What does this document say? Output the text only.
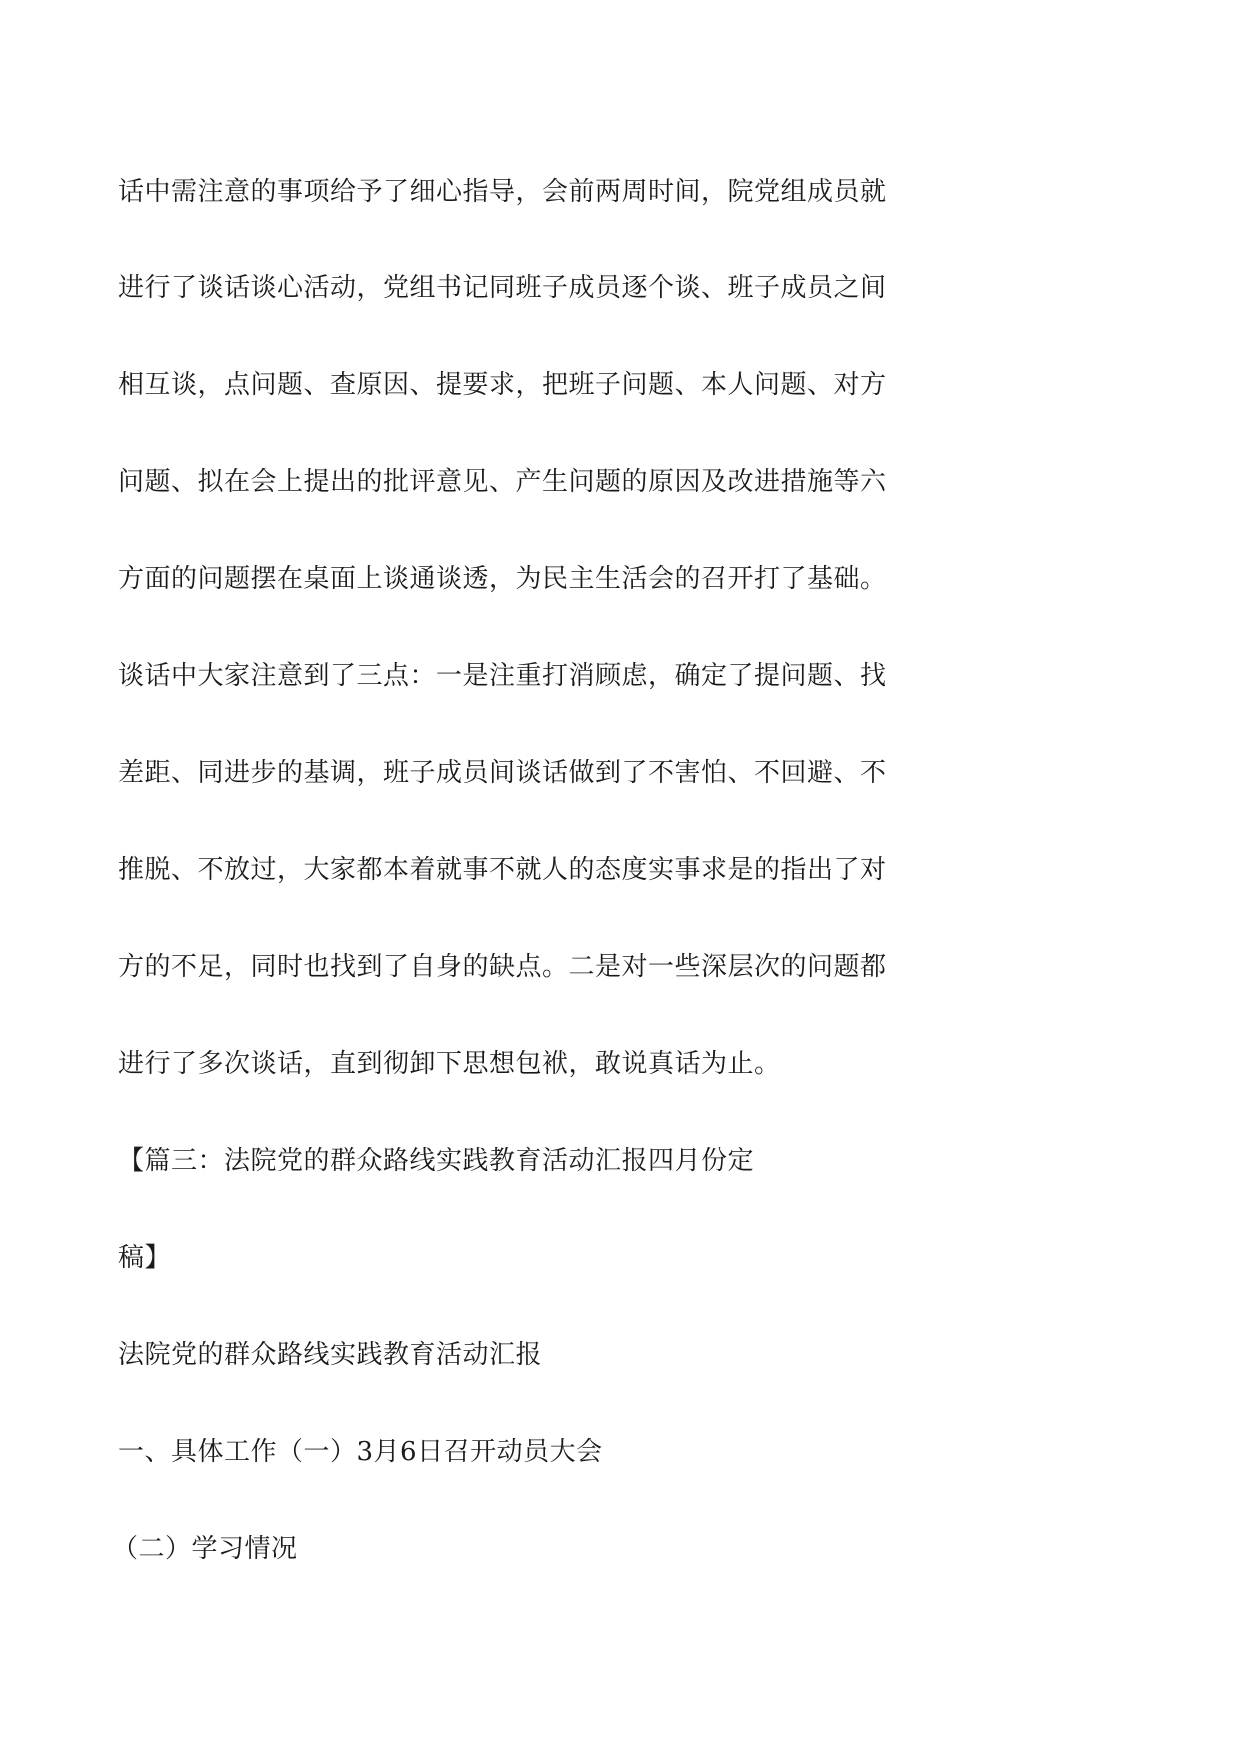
话中需注意的事项给予了细心指导，会前两周时间，院党组成员就
进行了谈话谈心活动，党组书记同班子成员逐个谈、班子成员之间
相互谈，点问题、查原因、提要求，把班子问题、本人问题、对方
问题、拟在会上提出的批评意见、产生问题的原因及改进措施等六
方面的问题摆在桌面上谈通谈透，为民主生活会的召开打了基础。
谈话中大家注意到了三点：一是注重打消顾虑，确定了提问题、找
差距、同进步的基调，班子成员间谈话做到了不害怕、不回避、不
推脱、不放过，大家都本着就事不就人的态度实事求是的指出了对
方的不足，同时也找到了自身的缺点。二是对一些深层次的问题都
进行了多次谈话，直到彻卸下思想包袱，敢说真话为止。
【篇三：法院党的群众路线实践教育活动汇报四月份定
稿】
法院党的群众路线实践教育活动汇报
一、具体工作（一）3月6日召开动员大会
（二）学习情况
